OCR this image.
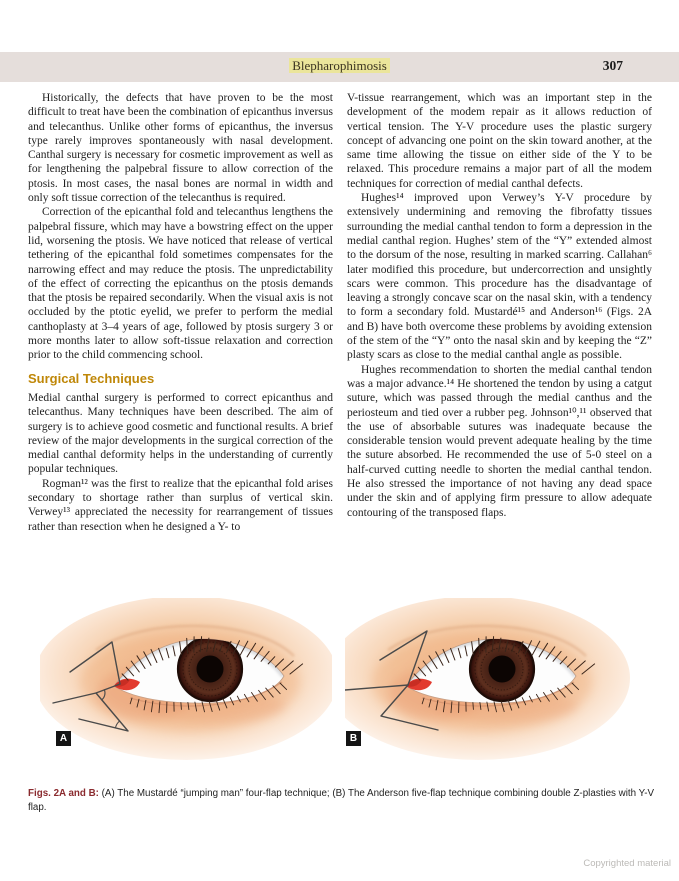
Blepharophimosis	307

Historically, the defects that have proven to be the most difficult to treat have been the combination of epicanthus inversus and telecanthus. Unlike other forms of epicanthus, the inversus type rarely improves spontaneously with nasal development. Canthal surgery is necessary for cosmetic improvement as well as for lengthening the palpebral fissure to allow correction of the ptosis. In most cases, the nasal bones are normal in width and only soft tissue correction of the telecanthus is required.

Correction of the epicanthal fold and telecanthus lengthens the palpebral fissure, which may have a bowstring effect on the upper lid, worsening the ptosis. We have noticed that release of vertical tethering of the epicanthal fold sometimes compensates for the narrowing effect and may reduce the ptosis. The unpredictability of the effect of correcting the epicanthus on the ptosis demands that the ptosis be repaired secondarily. When the visual axis is not occluded by the ptotic eyelid, we prefer to perform the medial canthoplasty at 3–4 years of age, followed by ptosis surgery 3 or more months later to allow soft-tissue relaxation and correction prior to the child commencing school.

Surgical Techniques

Medial canthal surgery is performed to correct epicanthus and telecanthus. Many techniques have been described. The aim of surgery is to achieve good cosmetic and functional results. A brief review of the major developments in the surgical correction of the medial canthal deformity helps in the understanding of currently popular techniques.

Rogman¹² was the first to realize that the epicanthal fold arises secondary to shortage rather than surplus of vertical skin. Verwey¹³ appreciated the necessity for rearrangement of tissues rather than resection when he designed a Y- to

V-tissue rearrangement, which was an important step in the development of the modem repair as it allows reduction of vertical tension. The Y-V procedure uses the plastic surgery concept of advancing one point on the skin toward another, at the same time allowing the tissue on either side of the Y to be relaxed. This procedure remains a major part of all the modem techniques for correction of medial canthal defects.

Hughes¹⁴ improved upon Verwey’s Y-V procedure by extensively undermining and removing the fibrofatty tissues surrounding the medial canthal tendon to form a depression in the medial canthal region. Hughes’ stem of the “Y” extended almost to the dorsum of the nose, resulting in marked scarring. Callahan⁶ later modified this procedure, but undercorrection and unsightly scars were common. This procedure has the disadvantage of leaving a strongly concave scar on the nasal skin, with a tendency to form a secondary fold. Mustardé¹⁵ and Anderson¹⁶ (Figs. 2A and B) have both overcome these problems by avoiding extension of the stem of the “Y” onto the nasal skin and by keeping the “Z” plasty scars as close to the medial canthal angle as possible.

Hughes recommendation to shorten the medial canthal tendon was a major advance.¹⁴ He shortened the tendon by using a catgut suture, which was passed through the medial canthus and the periosteum and tied over a rubber peg. Johnson¹⁰,¹¹ observed that the use of absorbable sutures was inadequate because the considerable tension would prevent adequate healing by the time the suture absorbed. He recommended the use of 5-0 steel on a half-curved cutting needle to shorten the medial canthal tendon. He also stressed the importance of not having any dead space under the skin and of applying firm pressure to allow adequate contouring of the transposed flaps.

A	B

Figs. 2A and B: (A) The Mustardé “jumping man” four-flap technique; (B) The Anderson five-flap technique combining double Z-plasties with Y-V flap.

Copyrighted material
